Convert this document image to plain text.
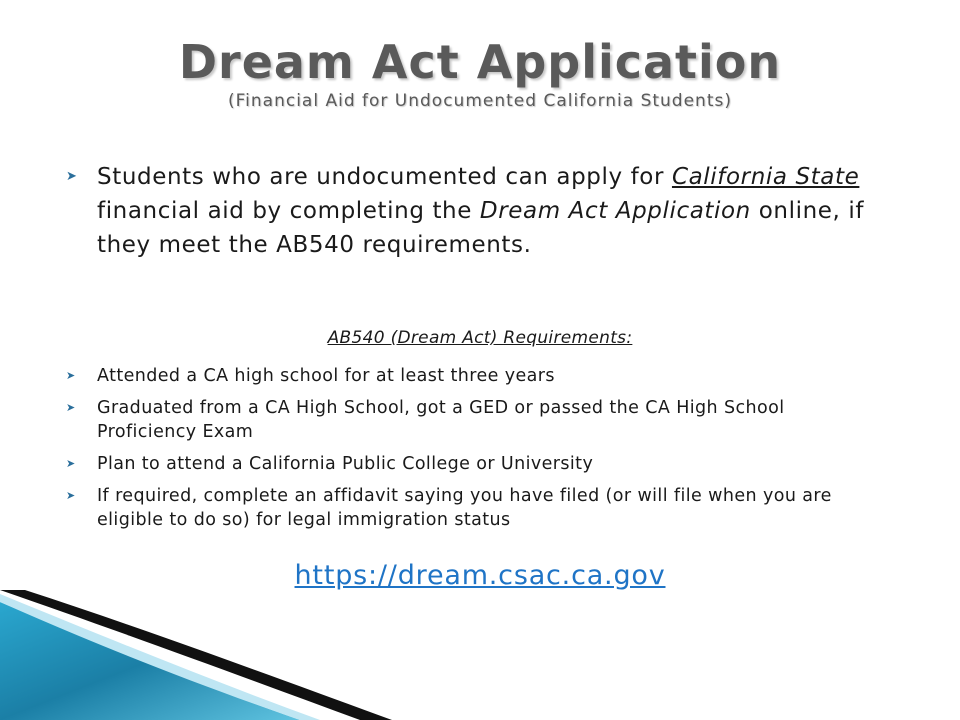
Dream Act Application
(Financial Aid for Undocumented California Students)
➤ Students who are undocumented can apply for California State financial aid by completing the Dream Act Application online, if they meet the AB540 requirements.
AB540 (Dream Act) Requirements:
➤	Attended a CA high school for at least three years
➤	Graduated from a CA High School, got a GED or passed the CA High School Proficiency Exam
➤	Plan to attend a California Public College or University
➤	If required, complete an affidavit saying you have filed (or will file when you are eligible to do so) for legal immigration status
https://dream.csac.ca.gov
